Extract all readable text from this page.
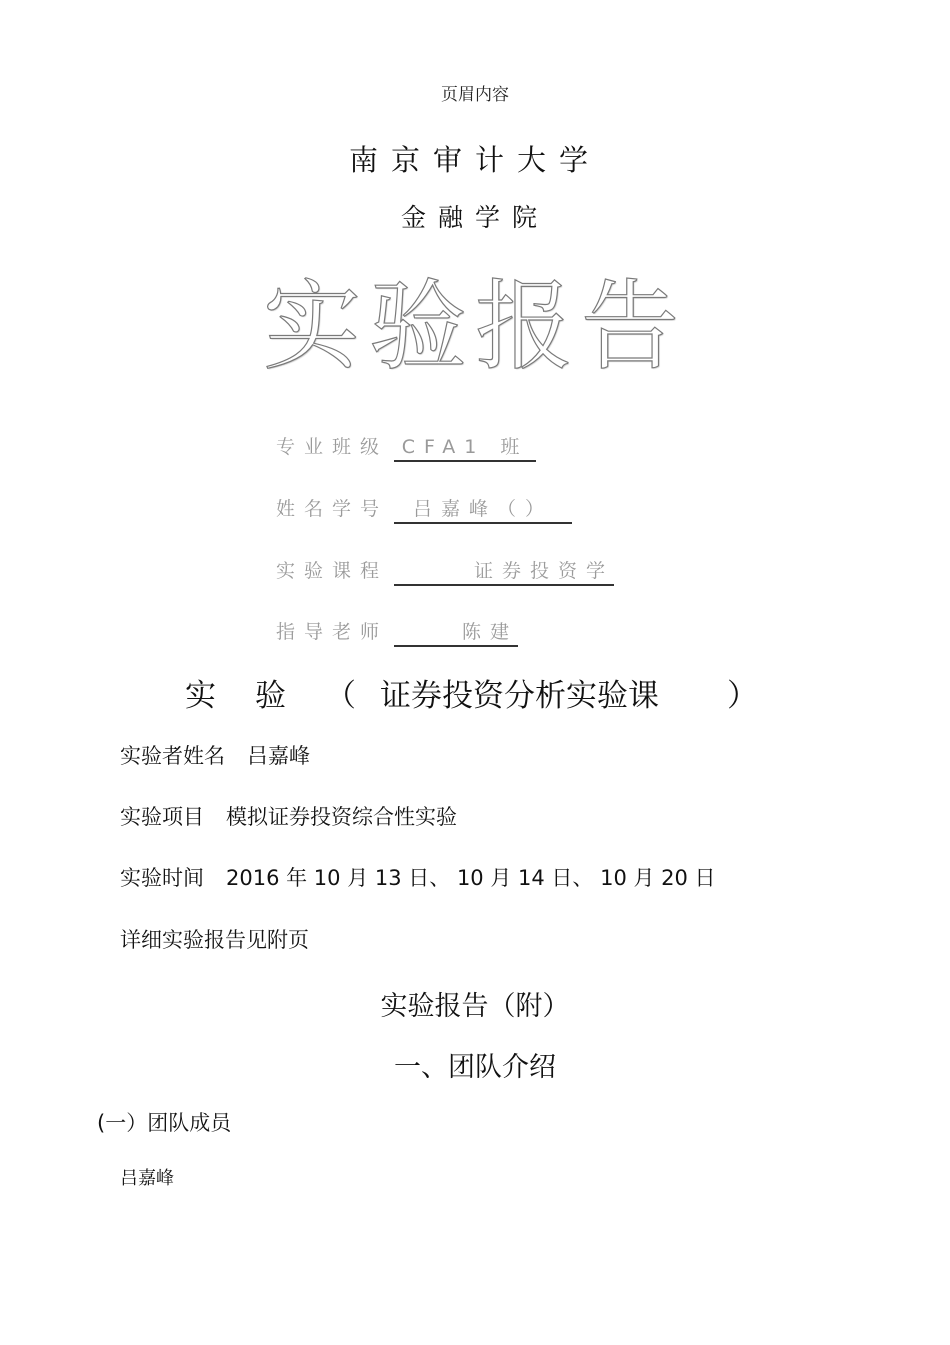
页眉内容
南京审计大学
金融学院
实验报告
专业班级 CFA1 班
姓名学号 吕嘉峰（）
实验课程	证券投资学
指导老师	陈建
实 验 （ 证券投资分析实验课 ）
实验者姓名 吕嘉峰
实验项目 模拟证券投资综合性实验
实验时间 2016 年 10 月 13 日、 10 月 14 日、 10 月 20 日
详细实验报告见附页
实验报告（附）
一、团队介绍
(一）团队成员
吕嘉峰
